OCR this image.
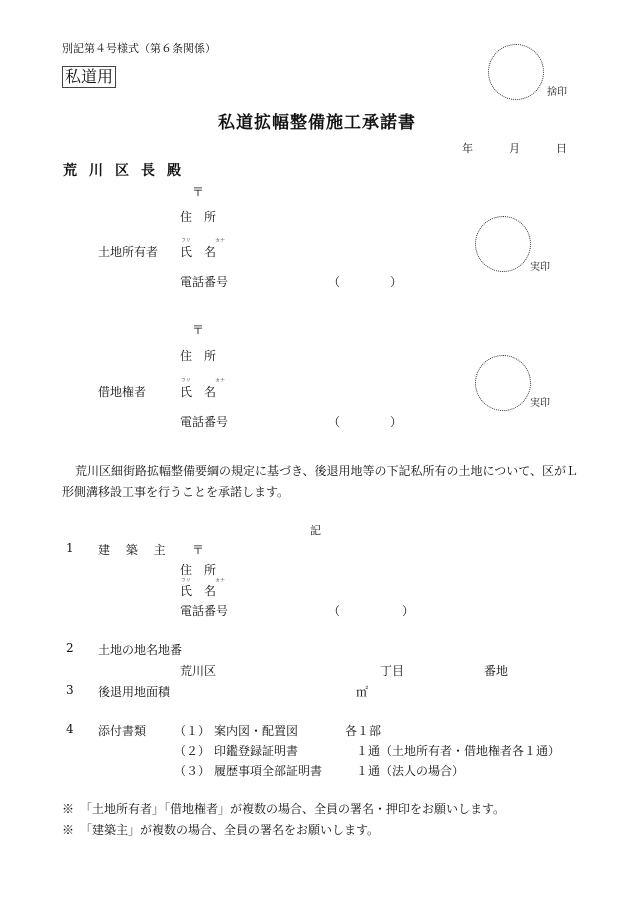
別記第４号様式（第６条関係）
私道用
捨印
私道拡幅整備施工承諾書
年	月	日
荒川区長殿
〒
住　所
土地所有者
フリ	カナ
氏　名
電話番号	（	）
実印
〒
住　所
借地権者
フリ	カナ
氏　名
電話番号	（	）
実印
荒川区細街路拡幅整備要綱の規定に基づき、後退用地等の下記私所有の土地について、区がＬ
形側溝移設工事を行うことを承諾します。
記
1 建 築 主 〒
住　所
フリ	カナ
氏　名
電話番号	（	）
2 土地の地名地番
荒川区	丁目	番地
3 後退用地面積	㎡
4 添付書類 （１） 案内図・配置図	各１部
（２） 印鑑登録証明書	１通（土地所有者・借地権者各１通）
（３） 履歴事項全部証明書	１通（法人の場合）
※　「土地所有者」「借地権者」が複数の場合、全員の署名・押印をお願いします。
※　「建築主」が複数の場合、全員の署名をお願いします。
